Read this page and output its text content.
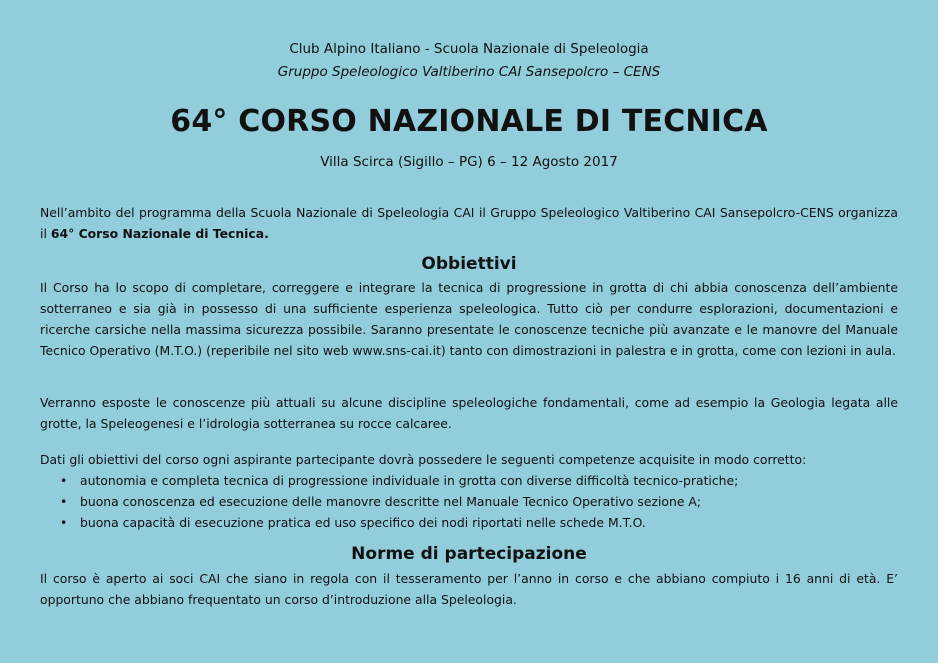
Club Alpino Italiano - Scuola Nazionale di Speleologia
Gruppo Speleologico Valtiberino CAI Sansepolcro – CENS
64° CORSO NAZIONALE DI TECNICA
Villa Scirca (Sigillo – PG) 6 – 12 Agosto 2017

Nell’ambito del programma della Scuola Nazionale di Speleologia CAI il Gruppo Speleologico Valtiberino CAI Sansepolcro-CENS organizza il 64° Corso Nazionale di Tecnica.

Obbiettivi

Il Corso ha lo scopo di completare, correggere e integrare la tecnica di progressione in grotta di chi abbia conoscenza dell’ambiente sotterraneo e sia già in possesso di una sufficiente esperienza speleologica. Tutto ciò per condurre esplorazioni, documentazioni e ricerche carsiche nella massima sicurezza possibile. Saranno presentate le conoscenze tecniche più avanzate e le manovre del Manuale Tecnico Operativo (M.T.O.) (reperibile nel sito web www.sns-cai.it) tanto con dimostrazioni in palestra e in grotta, come con lezioni in aula.

Verranno esposte le conoscenze più attuali su alcune discipline speleologiche fondamentali, come ad esempio la Geologia legata alle grotte, la Speleogenesi e l’idrologia sotterranea su rocce calcaree.

Dati gli obiettivi del corso ogni aspirante partecipante dovrà possedere le seguenti competenze acquisite in modo corretto:

• autonomia e completa tecnica di progressione individuale in grotta con diverse difficoltà tecnico-pratiche;
• buona conoscenza ed esecuzione delle manovre descritte nel Manuale Tecnico Operativo sezione A;
• buona capacità di esecuzione pratica ed uso specifico dei nodi riportati nelle schede M.T.O.
Norme di partecipazione

Il corso è aperto ai soci CAI che siano in regola con il tesseramento per l’anno in corso e che abbiano compiuto i 16 anni di età. E’ opportuno che abbiano frequentato un corso d’introduzione alla Speleologia.
